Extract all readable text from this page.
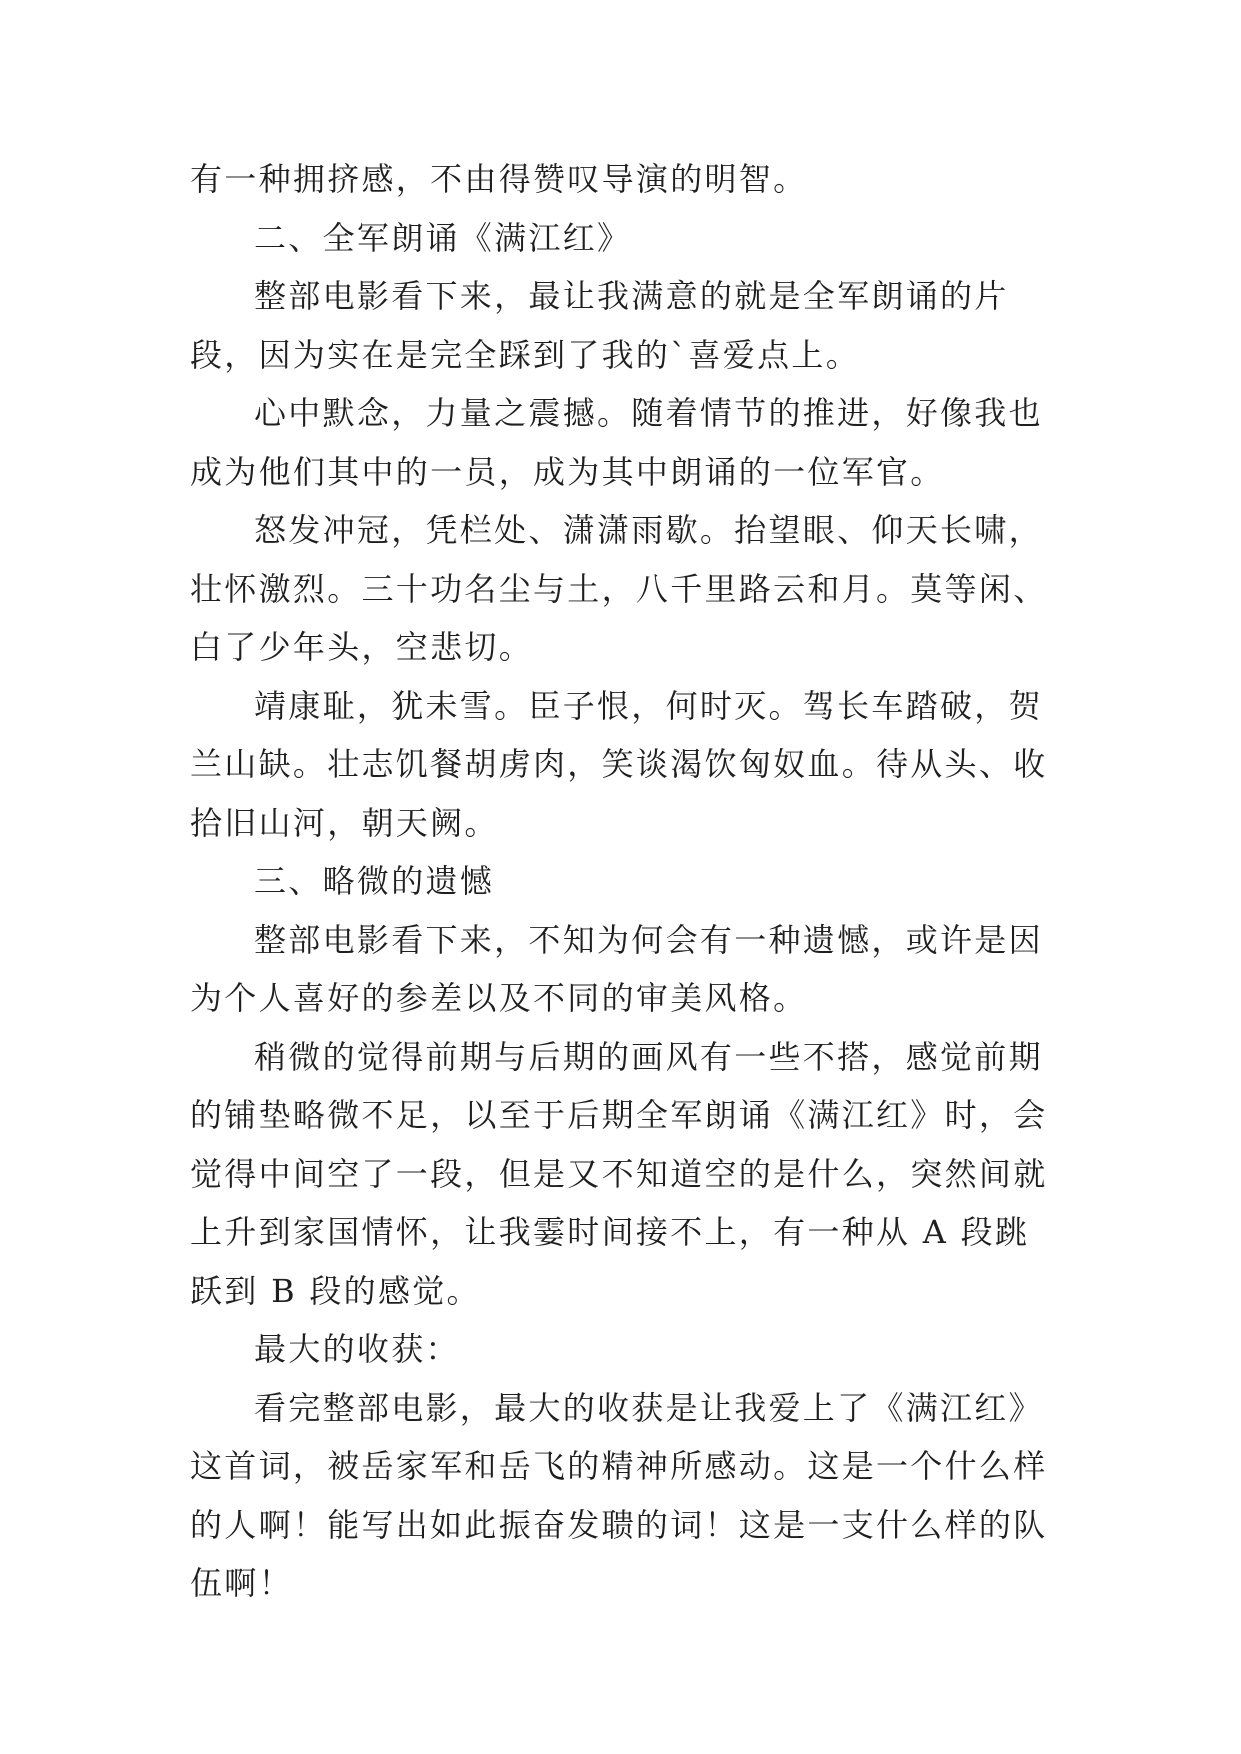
有一种拥挤感，不由得赞叹导演的明智。

二、全军朗诵《满江红》

整部电影看下来，最让我满意的就是全军朗诵的片段，因为实在是完全踩到了我的`喜爱点上。

心中默念，力量之震撼。随着情节的推进，好像我也成为他们其中的一员，成为其中朗诵的一位军官。

怒发冲冠，凭栏处、潇潇雨歇。抬望眼、仰天长啸，壮怀激烈。三十功名尘与土，八千里路云和月。莫等闲、白了少年头，空悲切。

靖康耻，犹未雪。臣子恨，何时灭。驾长车踏破，贺兰山缺。壮志饥餐胡虏肉，笑谈渴饮匈奴血。待从头、收拾旧山河，朝天阙。

三、略微的遗憾

整部电影看下来，不知为何会有一种遗憾，或许是因为个人喜好的参差以及不同的审美风格。

稍微的觉得前期与后期的画风有一些不搭，感觉前期的铺垫略微不足，以至于后期全军朗诵《满江红》时，会觉得中间空了一段，但是又不知道空的是什么，突然间就上升到家国情怀，让我霎时间接不上，有一种从 A 段跳跃到 B 段的感觉。

最大的收获：

看完整部电影，最大的收获是让我爱上了《满江红》这首词，被岳家军和岳飞的精神所感动。这是一个什么样的人啊！能写出如此振奋发聩的词！这是一支什么样的队伍啊！
